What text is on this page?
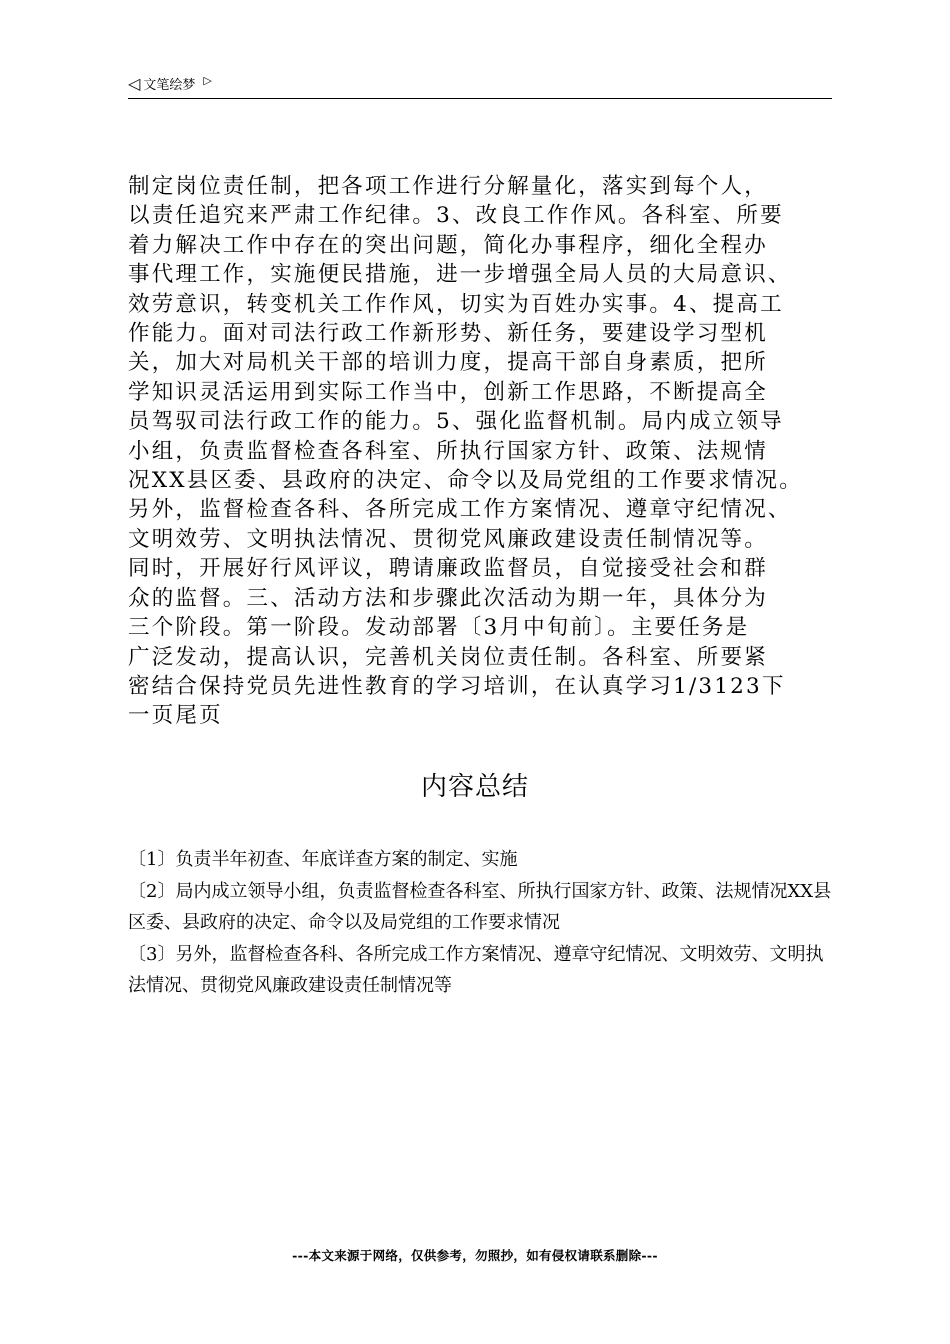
◁ 文笔绘梦 ▷

制定岗位责任制，把各项工作进行分解量化，落实到每个人，
以责任追究来严肃工作纪律。3、改良工作作风。各科室、所要
着力解决工作中存在的突出问题，简化办事程序，细化全程办
事代理工作，实施便民措施，进一步增强全局人员的大局意识、
效劳意识，转变机关工作作风，切实为百姓办实事。4、提高工
作能力。面对司法行政工作新形势、新任务，要建设学习型机
关，加大对局机关干部的培训力度，提高干部自身素质，把所
学知识灵活运用到实际工作当中，创新工作思路，不断提高全
员驾驭司法行政工作的能力。5、强化监督机制。局内成立领导
小组，负责监督检查各科室、所执行国家方针、政策、法规情
况XX县区委、县政府的决定、命令以及局党组的工作要求情况。
另外，监督检查各科、各所完成工作方案情况、遵章守纪情况、
文明效劳、文明执法情况、贯彻党风廉政建设责任制情况等。
同时，开展好行风评议，聘请廉政监督员，自觉接受社会和群
众的监督。三、活动方法和步骤此次活动为期一年，具体分为
三个阶段。第一阶段。发动部署〔3月中旬前〕。主要任务是
广泛发动，提高认识，完善机关岗位责任制。各科室、所要紧
密结合保持党员先进性教育的学习培训，在认真学习1/3123下
一页尾页

内容总结
〔1〕负责半年初查、年底详查方案的制定、实施
〔2〕局内成立领导小组，负责监督检查各科室、所执行国家方针、政策、法规情况XX县区委、县政府的决定、命令以及局党组的工作要求情况
〔3〕另外，监督检查各科、各所完成工作方案情况、遵章守纪情况、文明效劳、文明执法情况、贯彻党风廉政建设责任制情况等
---本文来源于网络，仅供参考，勿照抄，如有侵权请联系删除---
